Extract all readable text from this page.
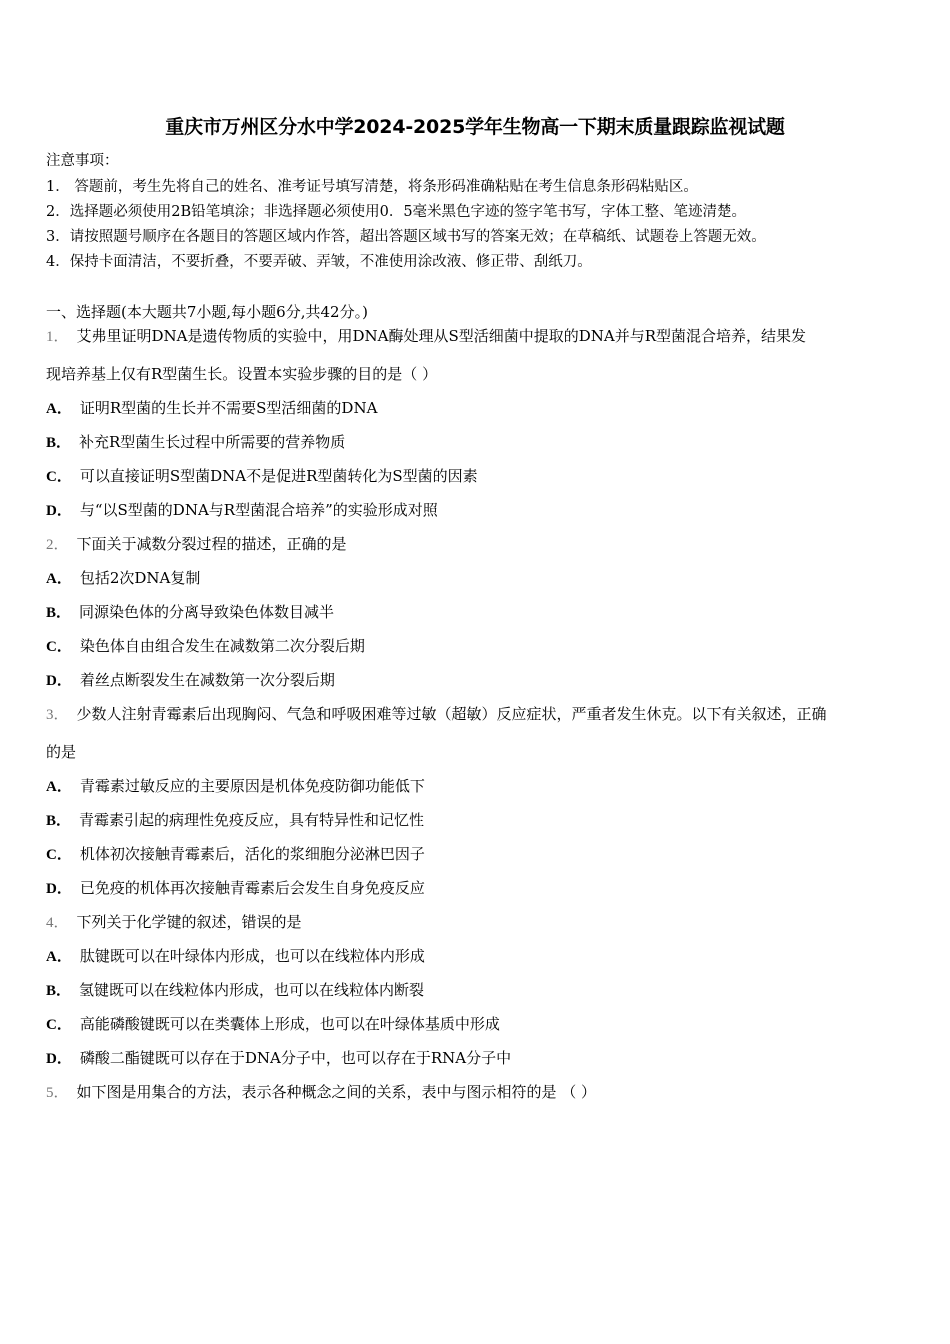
重庆市万州区分水中学2024-2025学年生物高一下期末质量跟踪监视试题
注意事项：
1． 答题前，考生先将自己的姓名、准考证号填写清楚，将条形码准确粘贴在考生信息条形码粘贴区。
2．选择题必须使用2B铅笔填涂；非选择题必须使用0．5毫米黑色字迹的签字笔书写，字体工整、笔迹清楚。
3．请按照题号顺序在各题目的答题区域内作答，超出答题区域书写的答案无效；在草稿纸、试题卷上答题无效。
4．保持卡面清洁，不要折叠，不要弄破、弄皱，不准使用涂改液、修正带、刮纸刀。
一、选择题(本大题共7小题,每小题6分,共42分。)
1． 艾弗里证明DNA是遗传物质的实验中，用DNA酶处理从S型活细菌中提取的DNA并与R型菌混合培养，结果发
现培养基上仅有R型菌生长。设置本实验步骤的目的是（ ）
A． 证明R型菌的生长并不需要S型活细菌的DNA
B． 补充R型菌生长过程中所需要的营养物质
C． 可以直接证明S型菌DNA不是促进R型菌转化为S型菌的因素
D． 与“以S型菌的DNA与R型菌混合培养”的实验形成对照
2． 下面关于减数分裂过程的描述，正确的是
A． 包括2次DNA复制
B． 同源染色体的分离导致染色体数目减半
C． 染色体自由组合发生在减数第二次分裂后期
D． 着丝点断裂发生在减数第一次分裂后期
3． 少数人注射青霉素后出现胸闷、气急和呼吸困难等过敏（超敏）反应症状，严重者发生休克。以下有关叙述，正确
的是
A． 青霉素过敏反应的主要原因是机体免疫防御功能低下
B． 青霉素引起的病理性免疫反应，具有特异性和记忆性
C． 机体初次接触青霉素后，活化的浆细胞分泌淋巴因子
D． 已免疫的机体再次接触青霉素后会发生自身免疫反应
4． 下列关于化学键的叙述，错误的是
A． 肽键既可以在叶绿体内形成，也可以在线粒体内形成
B． 氢键既可以在线粒体内形成，也可以在线粒体内断裂
C． 高能磷酸键既可以在类囊体上形成，也可以在叶绿体基质中形成
D． 磷酸二酯键既可以存在于DNA分子中，也可以存在于RNA分子中
5． 如下图是用集合的方法，表示各种概念之间的关系，表中与图示相符的是 （ ）
